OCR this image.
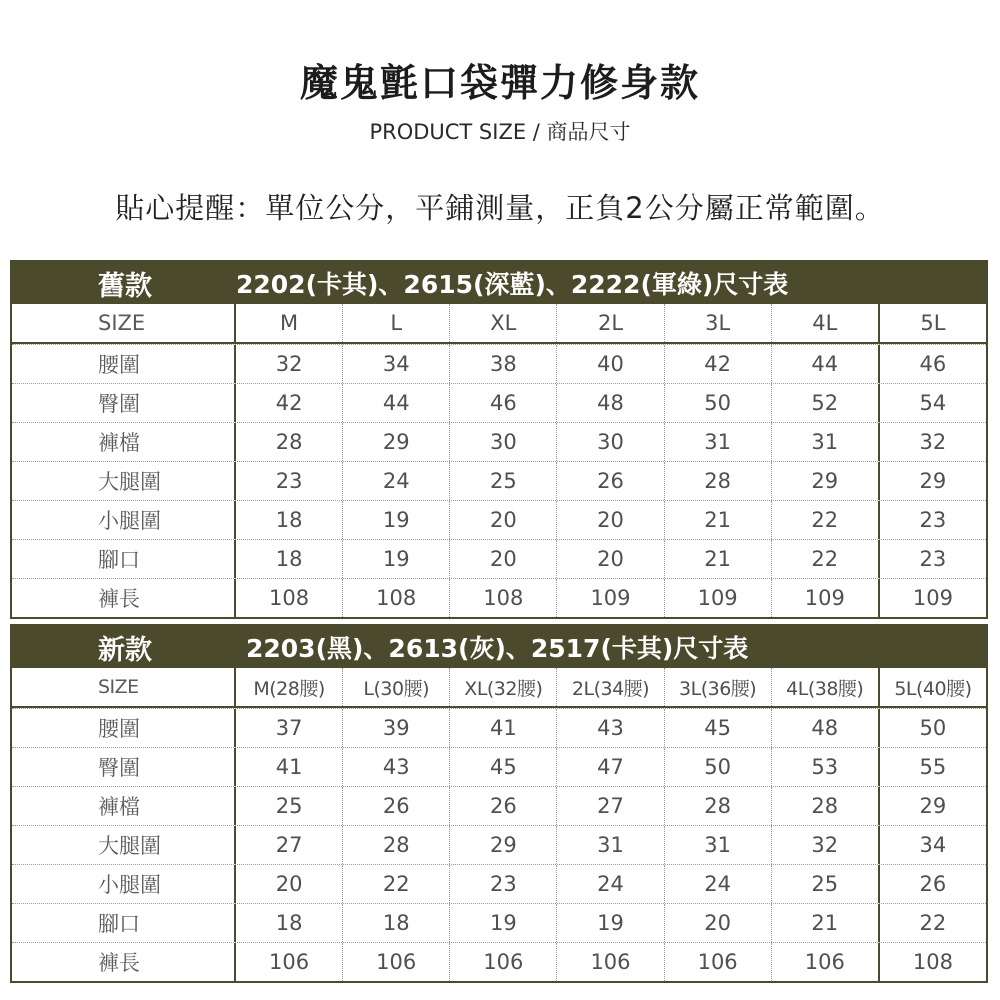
魔鬼氈口袋彈力修身款
PRODUCT SIZE / 商品尺寸
貼心提醒：單位公分，平鋪測量，正負2公分屬正常範圍。
舊款	2202(卡其)、2615(深藍)、2222(軍綠)尺寸表
SIZE	M	L	XL	2L	3L	4L	5L
腰圍	32	34	38	40	42	44	46
臀圍	42	44	46	48	50	52	54
褲檔	28	29	30	30	31	31	32
大腿圍	23	24	25	26	28	29	29
小腿圍	18	19	20	20	21	22	23
腳口	18	19	20	20	21	22	23
褲長	108	108	108	109	109	109	109
新款	2203(黑)、2613(灰)、2517(卡其)尺寸表
SIZE	M(28腰)	L(30腰)	XL(32腰)	2L(34腰)	3L(36腰)	4L(38腰)	5L(40腰)
腰圍	37	39	41	43	45	48	50
臀圍	41	43	45	47	50	53	55
褲檔	25	26	26	27	28	28	29
大腿圍	27	28	29	31	31	32	34
小腿圍	20	22	23	24	24	25	26
腳口	18	18	19	19	20	21	22
褲長	106	106	106	106	106	106	108
